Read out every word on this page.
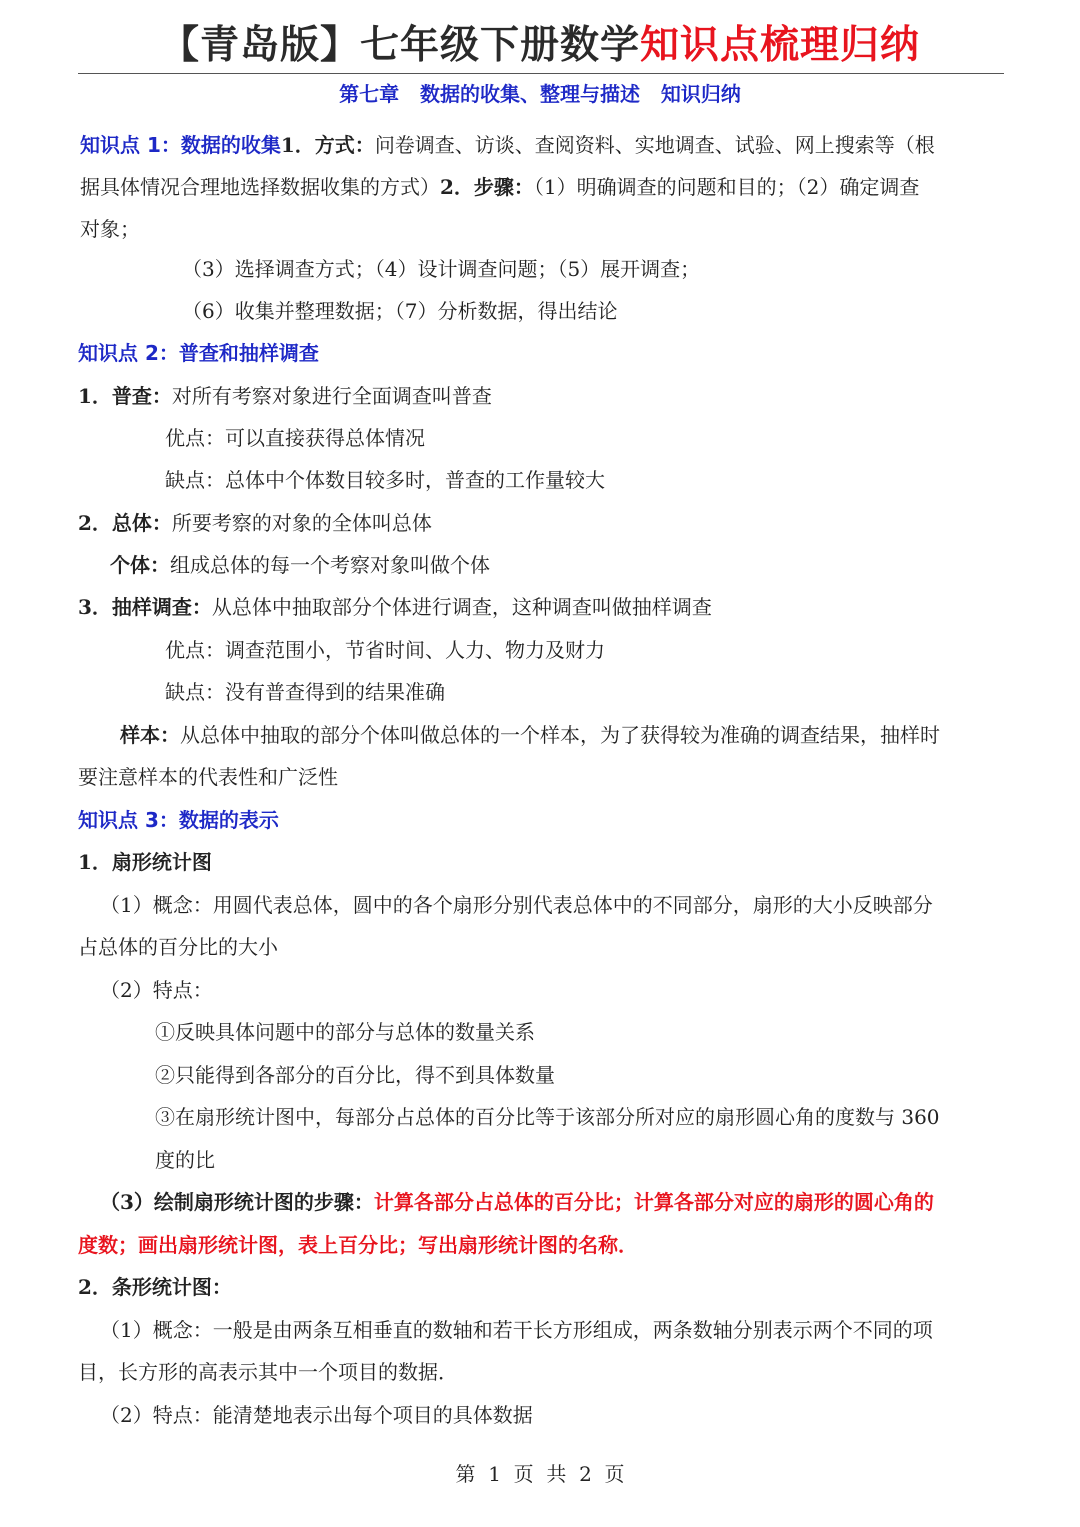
【青岛版】七年级下册数学知识点梳理归纳
第七章   数据的收集、整理与描述   知识归纳
知识点 1：数据的收集1．方式：问卷调查、访谈、查阅资料、实地调查、试验、网上搜索等（根
据具体情况合理地选择数据收集的方式）2．步骤：（1）明确调查的问题和目的；（2）确定调查
对象；
（3）选择调查方式；（4）设计调查问题；（5）展开调查；
（6）收集并整理数据；（7）分析数据，得出结论
知识点 2：普查和抽样调查
1．普查：对所有考察对象进行全面调查叫普查
优点：可以直接获得总体情况
缺点：总体中个体数目较多时，普查的工作量较大
2．总体：所要考察的对象的全体叫总体
个体：组成总体的每一个考察对象叫做个体
3．抽样调查：从总体中抽取部分个体进行调查，这种调查叫做抽样调查
优点：调查范围小，节省时间、人力、物力及财力
缺点：没有普查得到的结果准确
样本：从总体中抽取的部分个体叫做总体的一个样本，为了获得较为准确的调查结果，抽样时
要注意样本的代表性和广泛性
知识点 3：数据的表示
1．扇形统计图
（1）概念：用圆代表总体，圆中的各个扇形分别代表总体中的不同部分，扇形的大小反映部分
占总体的百分比的大小
（2）特点：
①反映具体问题中的部分与总体的数量关系
②只能得到各部分的百分比，得不到具体数量
③在扇形统计图中，每部分占总体的百分比等于该部分所对应的扇形圆心角的度数与 360
度的比
（3）绘制扇形统计图的步骤：计算各部分占总体的百分比；计算各部分对应的扇形的圆心角的
度数；画出扇形统计图，表上百分比；写出扇形统计图的名称．
2．条形统计图：
（1）概念：一般是由两条互相垂直的数轴和若干长方形组成，两条数轴分别表示两个不同的项
目，长方形的高表示其中一个项目的数据．
（2）特点：能清楚地表示出每个项目的具体数据
第  1  页  共  2  页
